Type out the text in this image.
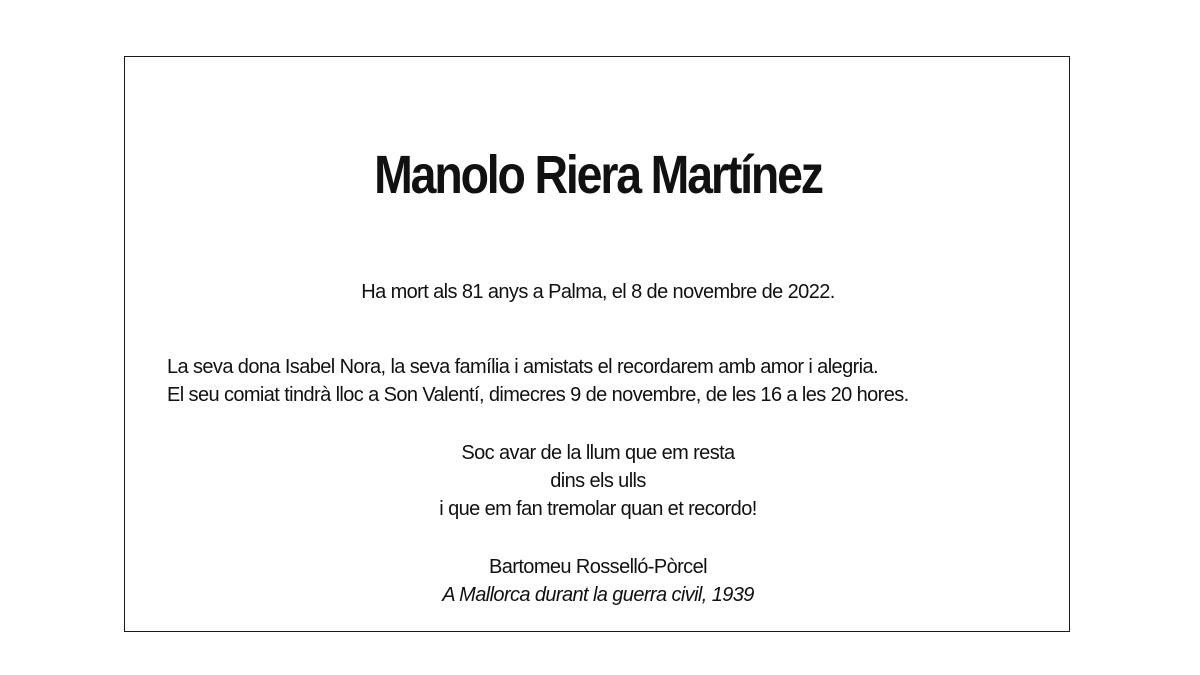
Manolo Riera Martínez
Ha mort als 81 anys a Palma, el 8 de novembre de 2022.
La seva dona Isabel Nora, la seva família i amistats el recordarem amb amor i alegria.
El seu comiat tindrà lloc a Son Valentí, dimecres 9 de novembre, de les 16 a les 20 hores.
Soc avar de la llum que em resta
dins els ulls
i que em fan tremolar quan et recordo!
Bartomeu Rosselló-Pòrcel
A Mallorca durant la guerra civil, 1939
